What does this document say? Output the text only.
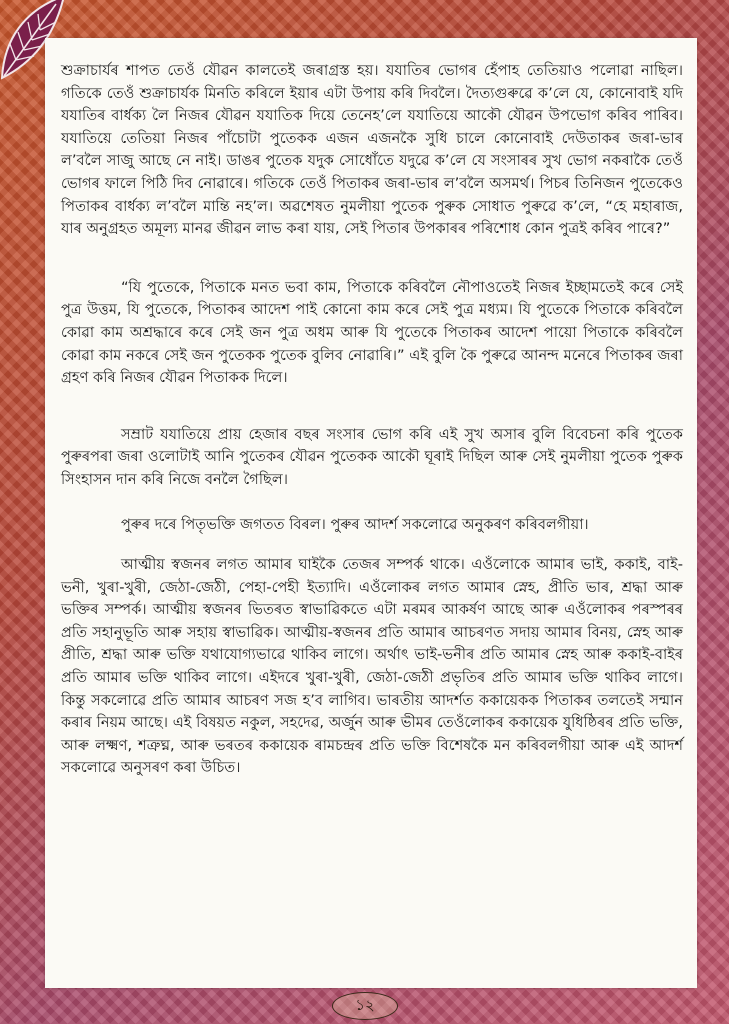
শুক্ৰাচাৰ্যৰ শাপত তেওঁ যৌৱন কালতেই জৰাগ্ৰস্ত হয়। যযাতিৰ ভোগৰ হেঁপাহ তেতিয়াও পলোৱা নাছিল। গতিকে তেওঁ শুক্ৰাচাৰ্যক মিনতি কৰিলে ইয়াৰ এটা উপায় কৰি দিবলৈ। দৈত্যগুৰুৱে ক’লে যে, কোনোবাই যদি যযাতিৰ বাৰ্ধক্য লৈ নিজৰ যৌৱন যযাতিক দিয়ে তেনেহ’লে যযাতিয়ে আকৌ যৌৱন উপভোগ কৰিব পাৰিব। যযাতিয়ে তেতিয়া নিজৰ পাঁচোটা পুতেকক এজন এজনকৈ সুধি চালে কোনোবাই দেউতাকৰ জৰা-ভাৰ ল’বলৈ সাজু আছে নে নাই। ডাঙৰ পুতেক যদুক সোধোঁতে যদুৱে ক’লে যে সংসাৰৰ সুখ ভোগ নকৰাকৈ তেওঁ ভোগৰ ফালে পিঠি দিব নোৱাৰে। গতিকে তেওঁ পিতাকৰ জৰা-ভাৰ ল’বলৈ অসমৰ্থ। পিচৰ তিনিজন পুতেকেও পিতাকৰ বাৰ্ধক্য ল’বলৈ মান্তি নহ’ল। অৱশেষত নুমলীয়া পুতেক পুৰুক সোধাত পুৰুৱে ক’লে, “হে মহাৰাজ, যাৰ অনুগ্ৰহত অমূল্য মানৱ জীৱন লাভ কৰা যায়, সেই পিতাৰ উপকাৰৰ পৰিশোধ কোন পুত্ৰই কৰিব পাৰে?”

“যি পুতেকে, পিতাকে মনত ভবা কাম, পিতাকে কৰিবলৈ নৌপাওতেই নিজৰ ইচ্ছামতেই কৰে সেই পুত্ৰ উত্তম, যি পুতেকে, পিতাকৰ আদেশ পাই কোনো কাম কৰে সেই পুত্ৰ মধ্যম। যি পুতেকে পিতাকে কৰিবলৈ কোৱা কাম অশ্ৰদ্ধাৰে কৰে সেই জন পুত্ৰ অধম আৰু যি পুতেকে পিতাকৰ আদেশ পায়ো পিতাকে কৰিবলৈ কোৱা কাম নকৰে সেই জন পুতেকক পুতেক বুলিব নোৱাৰি।” এই বুলি কৈ পুৰুৱে আনন্দ মনেৰে পিতাকৰ জৰা গ্ৰহণ কৰি নিজৰ যৌৱন পিতাকক দিলে।

সম্ৰাট যযাতিয়ে প্ৰায় হেজাৰ বছৰ সংসাৰ ভোগ কৰি এই সুখ অসাৰ বুলি বিবেচনা কৰি পুতেক পুৰুৰপৰা জৰা ওলোটাই আনি পুতেকৰ যৌৱন পুতেকক আকৌ ঘূৰাই দিছিল আৰু সেই নুমলীয়া পুতেক পুৰুক সিংহাসন দান কৰি নিজে বনলৈ গৈছিল।

পুৰুৰ দৰে পিতৃভক্তি জগতত বিৰল। পুৰুৰ আদৰ্শ সকলোৱে অনুকৰণ কৰিবলগীয়া।

আত্মীয় স্বজনৰ লগত আমাৰ ঘাইকৈ তেজৰ সম্পৰ্ক থাকে। এওঁলোকে আমাৰ ভাই, ককাই, বাই-ভনী, খুৰা-খুৰী, জেঠা-জেঠী, পেহা-পেহী ইত্যাদি। এওঁলোকৰ লগত আমাৰ স্নেহ, প্ৰীতি ভাৰ, শ্ৰদ্ধা আৰু ভক্তিৰ সম্পৰ্ক। আত্মীয় স্বজনৰ ভিতৰত স্বাভাৱিকতে এটা মৰমৰ আকৰ্ষণ আছে আৰু এওঁলোকৰ পৰস্পৰৰ প্ৰতি সহানুভূতি আৰু সহায় স্বাভাৱিক। আত্মীয়-স্বজনৰ প্ৰতি আমাৰ আচৰণত সদায় আমাৰ বিনয়, স্নেহ আৰু প্ৰীতি, শ্ৰদ্ধা আৰু ভক্তি যথাযোগ্যভাৱে থাকিব লাগে। অৰ্থাৎ ভাই-ভনীৰ প্ৰতি আমাৰ স্নেহ আৰু ককাই-বাইৰ প্ৰতি আমাৰ ভক্তি থাকিব লাগে। এইদৰে খুৰা-খুৰী, জেঠা-জেঠী প্ৰভৃতিৰ প্ৰতি আমাৰ ভক্তি থাকিব লাগে। কিন্তু সকলোৱে প্ৰতি আমাৰ আচৰণ সজ হ’ব লাগিব। ভাৰতীয় আদৰ্শত ককায়েকক পিতাকৰ তলতেই সন্মান কৰাৰ নিয়ম আছে। এই বিষয়ত নকুল, সহদেৱ, অৰ্জুন আৰু ভীমৰ তেওঁলোকৰ ককায়েক যুধিষ্ঠিৰৰ প্ৰতি ভক্তি, আৰু লক্ষ্মণ, শত্ৰুঘ্ন, আৰু ভৰতৰ ককায়েক ৰামচন্দ্ৰৰ প্ৰতি ভক্তি বিশেষকৈ মন কৰিবলগীয়া আৰু এই আদৰ্শ সকলোৱে অনুসৰণ কৰা উচিত।

১২
